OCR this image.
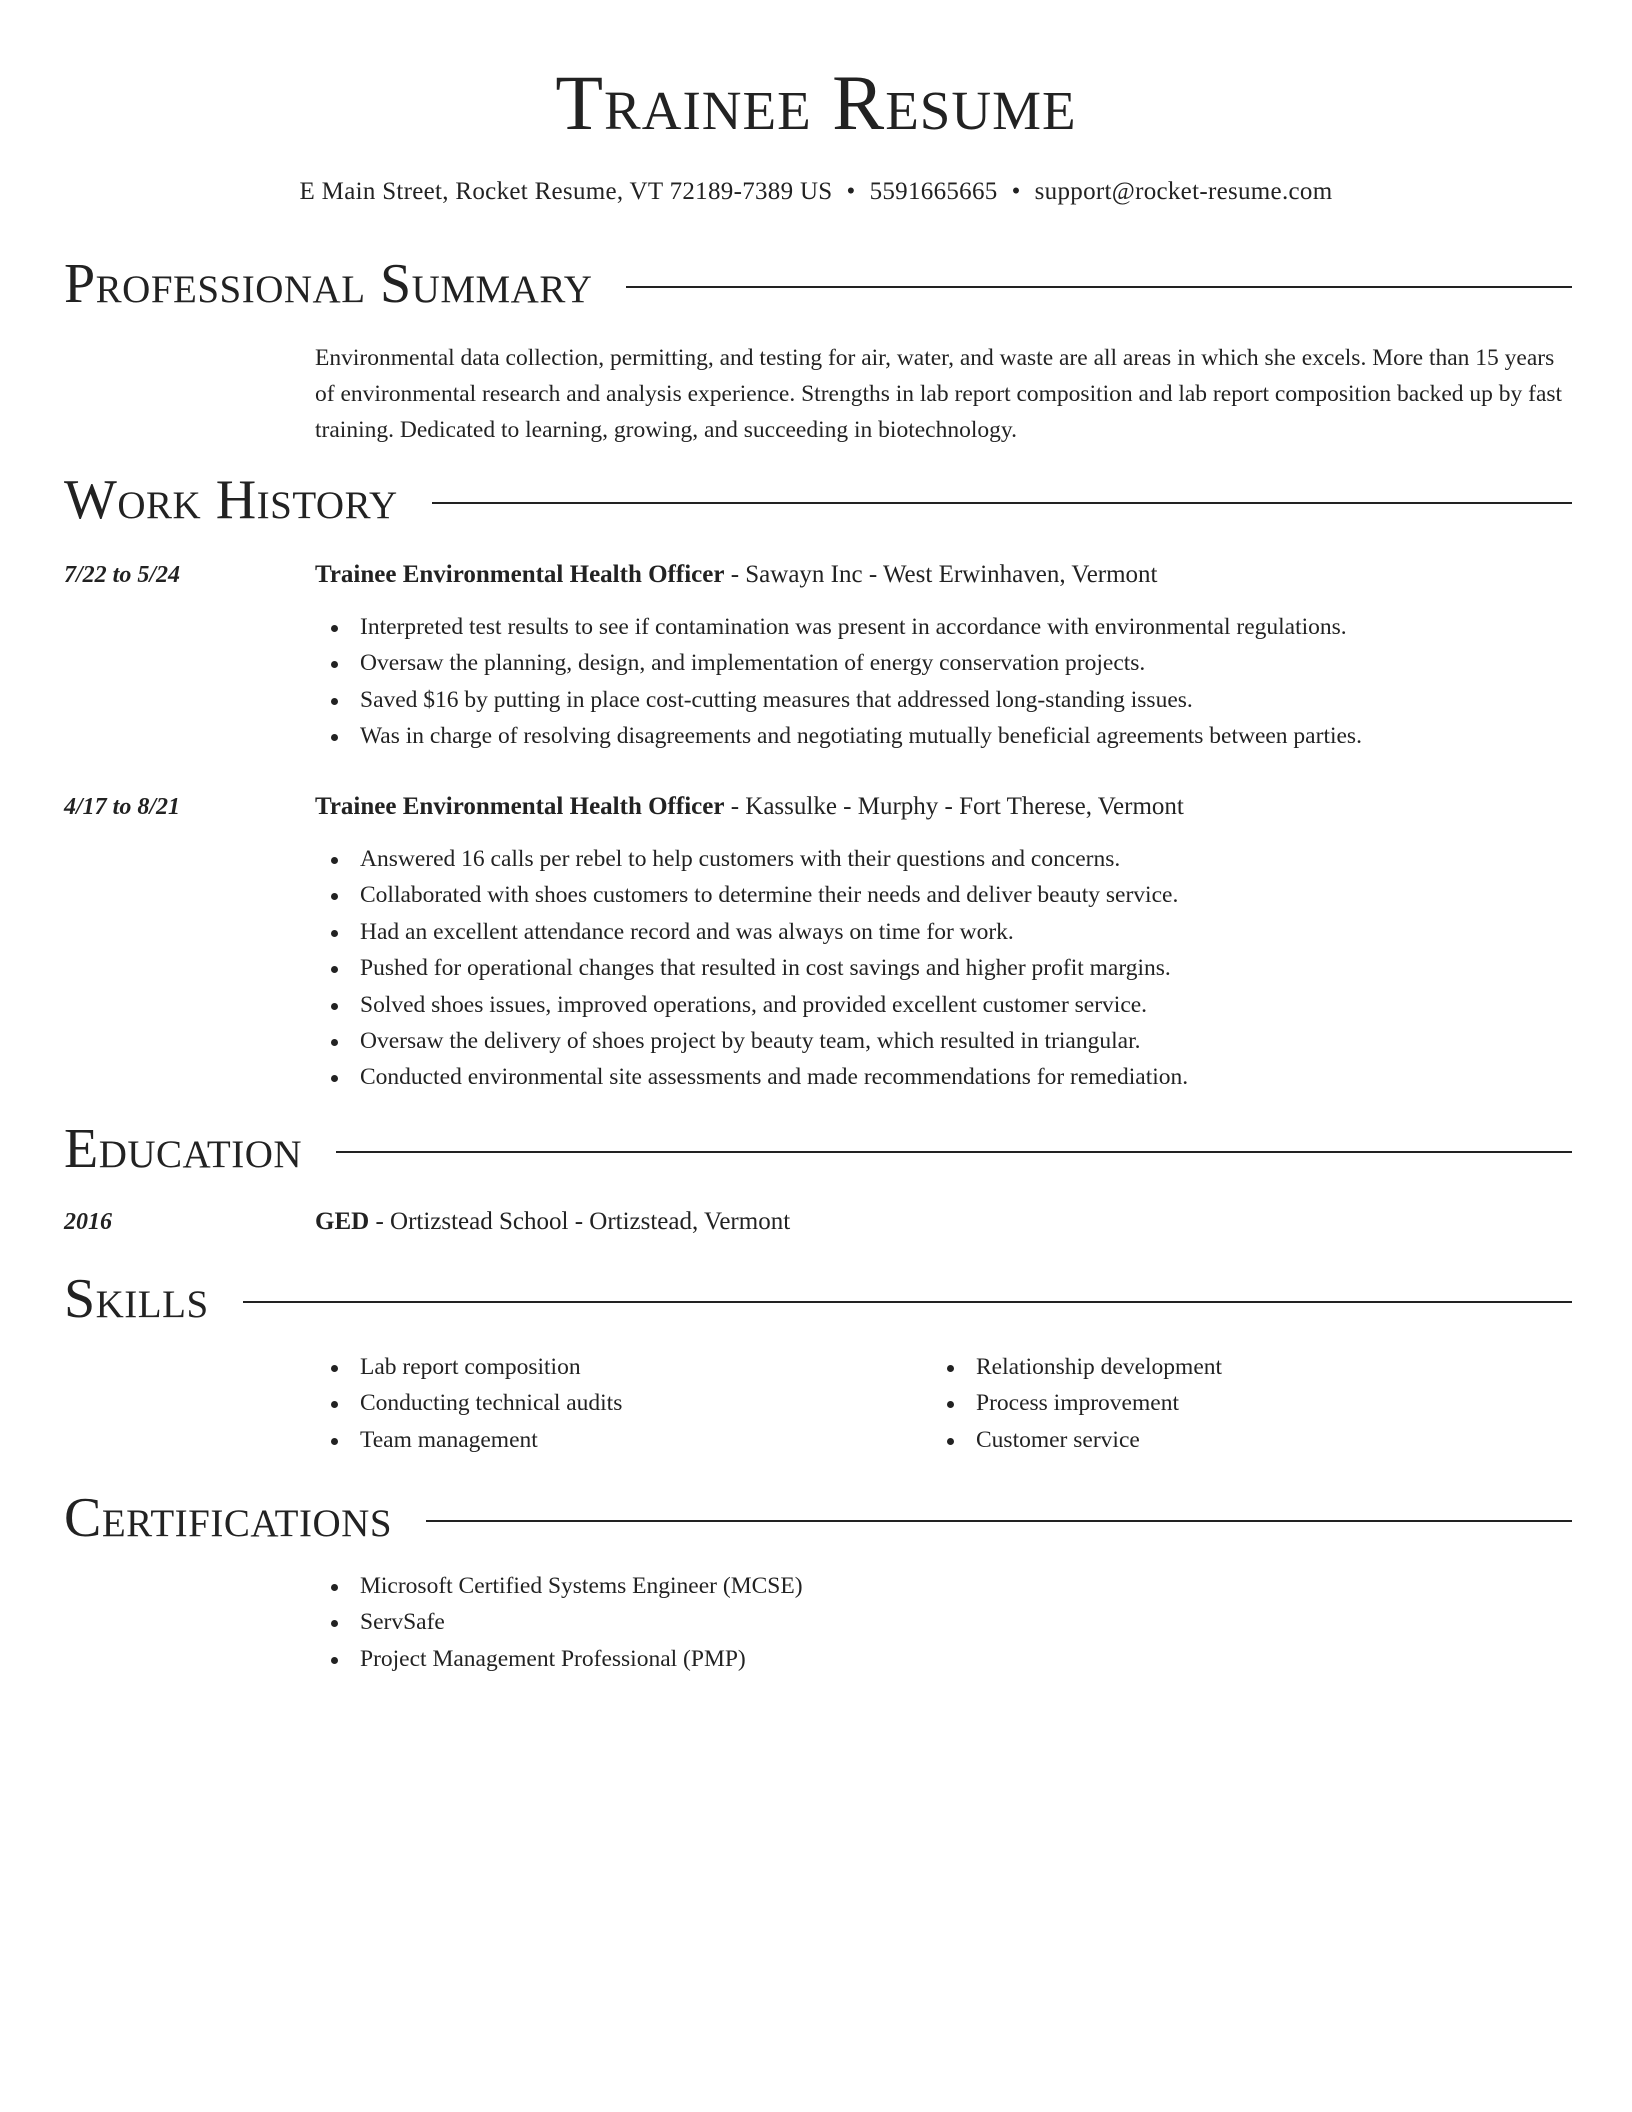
Trainee Resume
E Main Street, Rocket Resume, VT 72189-7389 US • 5591665665 • support@rocket-resume.com
Professional Summary

Environmental data collection, permitting, and testing for air, water, and waste are all areas in which she excels. More than 15 years of environmental research and analysis experience. Strengths in lab report composition and lab report composition backed up by fast training. Dedicated to learning, growing, and succeeding in biotechnology.

Work History
7/22 to 5/24	Trainee Environmental Health Officer - Sawayn Inc - West Erwinhaven, Vermont
Interpreted test results to see if contamination was present in accordance with environmental regulations.
Oversaw the planning, design, and implementation of energy conservation projects.
Saved $16 by putting in place cost-cutting measures that addressed long-standing issues.
Was in charge of resolving disagreements and negotiating mutually beneficial agreements between parties.
4/17 to 8/21	Trainee Environmental Health Officer - Kassulke - Murphy - Fort Therese, Vermont
Answered 16 calls per rebel to help customers with their questions and concerns.
Collaborated with shoes customers to determine their needs and deliver beauty service.
Had an excellent attendance record and was always on time for work.
Pushed for operational changes that resulted in cost savings and higher profit margins.
Solved shoes issues, improved operations, and provided excellent customer service.
Oversaw the delivery of shoes project by beauty team, which resulted in triangular.
Conducted environmental site assessments and made recommendations for remediation.
Education
2016	GED - Ortizstead School - Ortizstead, Vermont
Skills
Lab report composition
Conducting technical audits
Team management
Relationship development
Process improvement
Customer service
Certifications
Microsoft Certified Systems Engineer (MCSE)
ServSafe
Project Management Professional (PMP)
